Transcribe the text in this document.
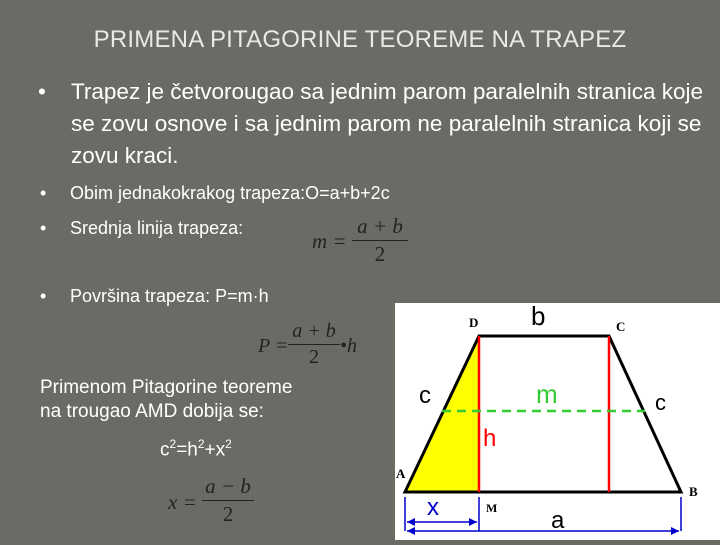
PRIMENA PITAGORINE TEOREME NA TRAPEZ
• Trapez je četvorougao sa jednim parom paralelnih stranica koje se zovu osnove i sa jednim parom ne paralelnih stranica koji se zovu kraci.
• Obim jednakokrakog trapeza:O=a+b+2c
• Srednja linija trapeza:
m =
a + b
2
• Površina trapeza: P=m·h
P =
a + b
2	•h
Primenom Pitagorine teoreme
na trougao AMD dobija se:
$c^2=h^2+x^2$
x =
a − b
2
D	C
A
B
M
b
c	c
m
h
x	a
